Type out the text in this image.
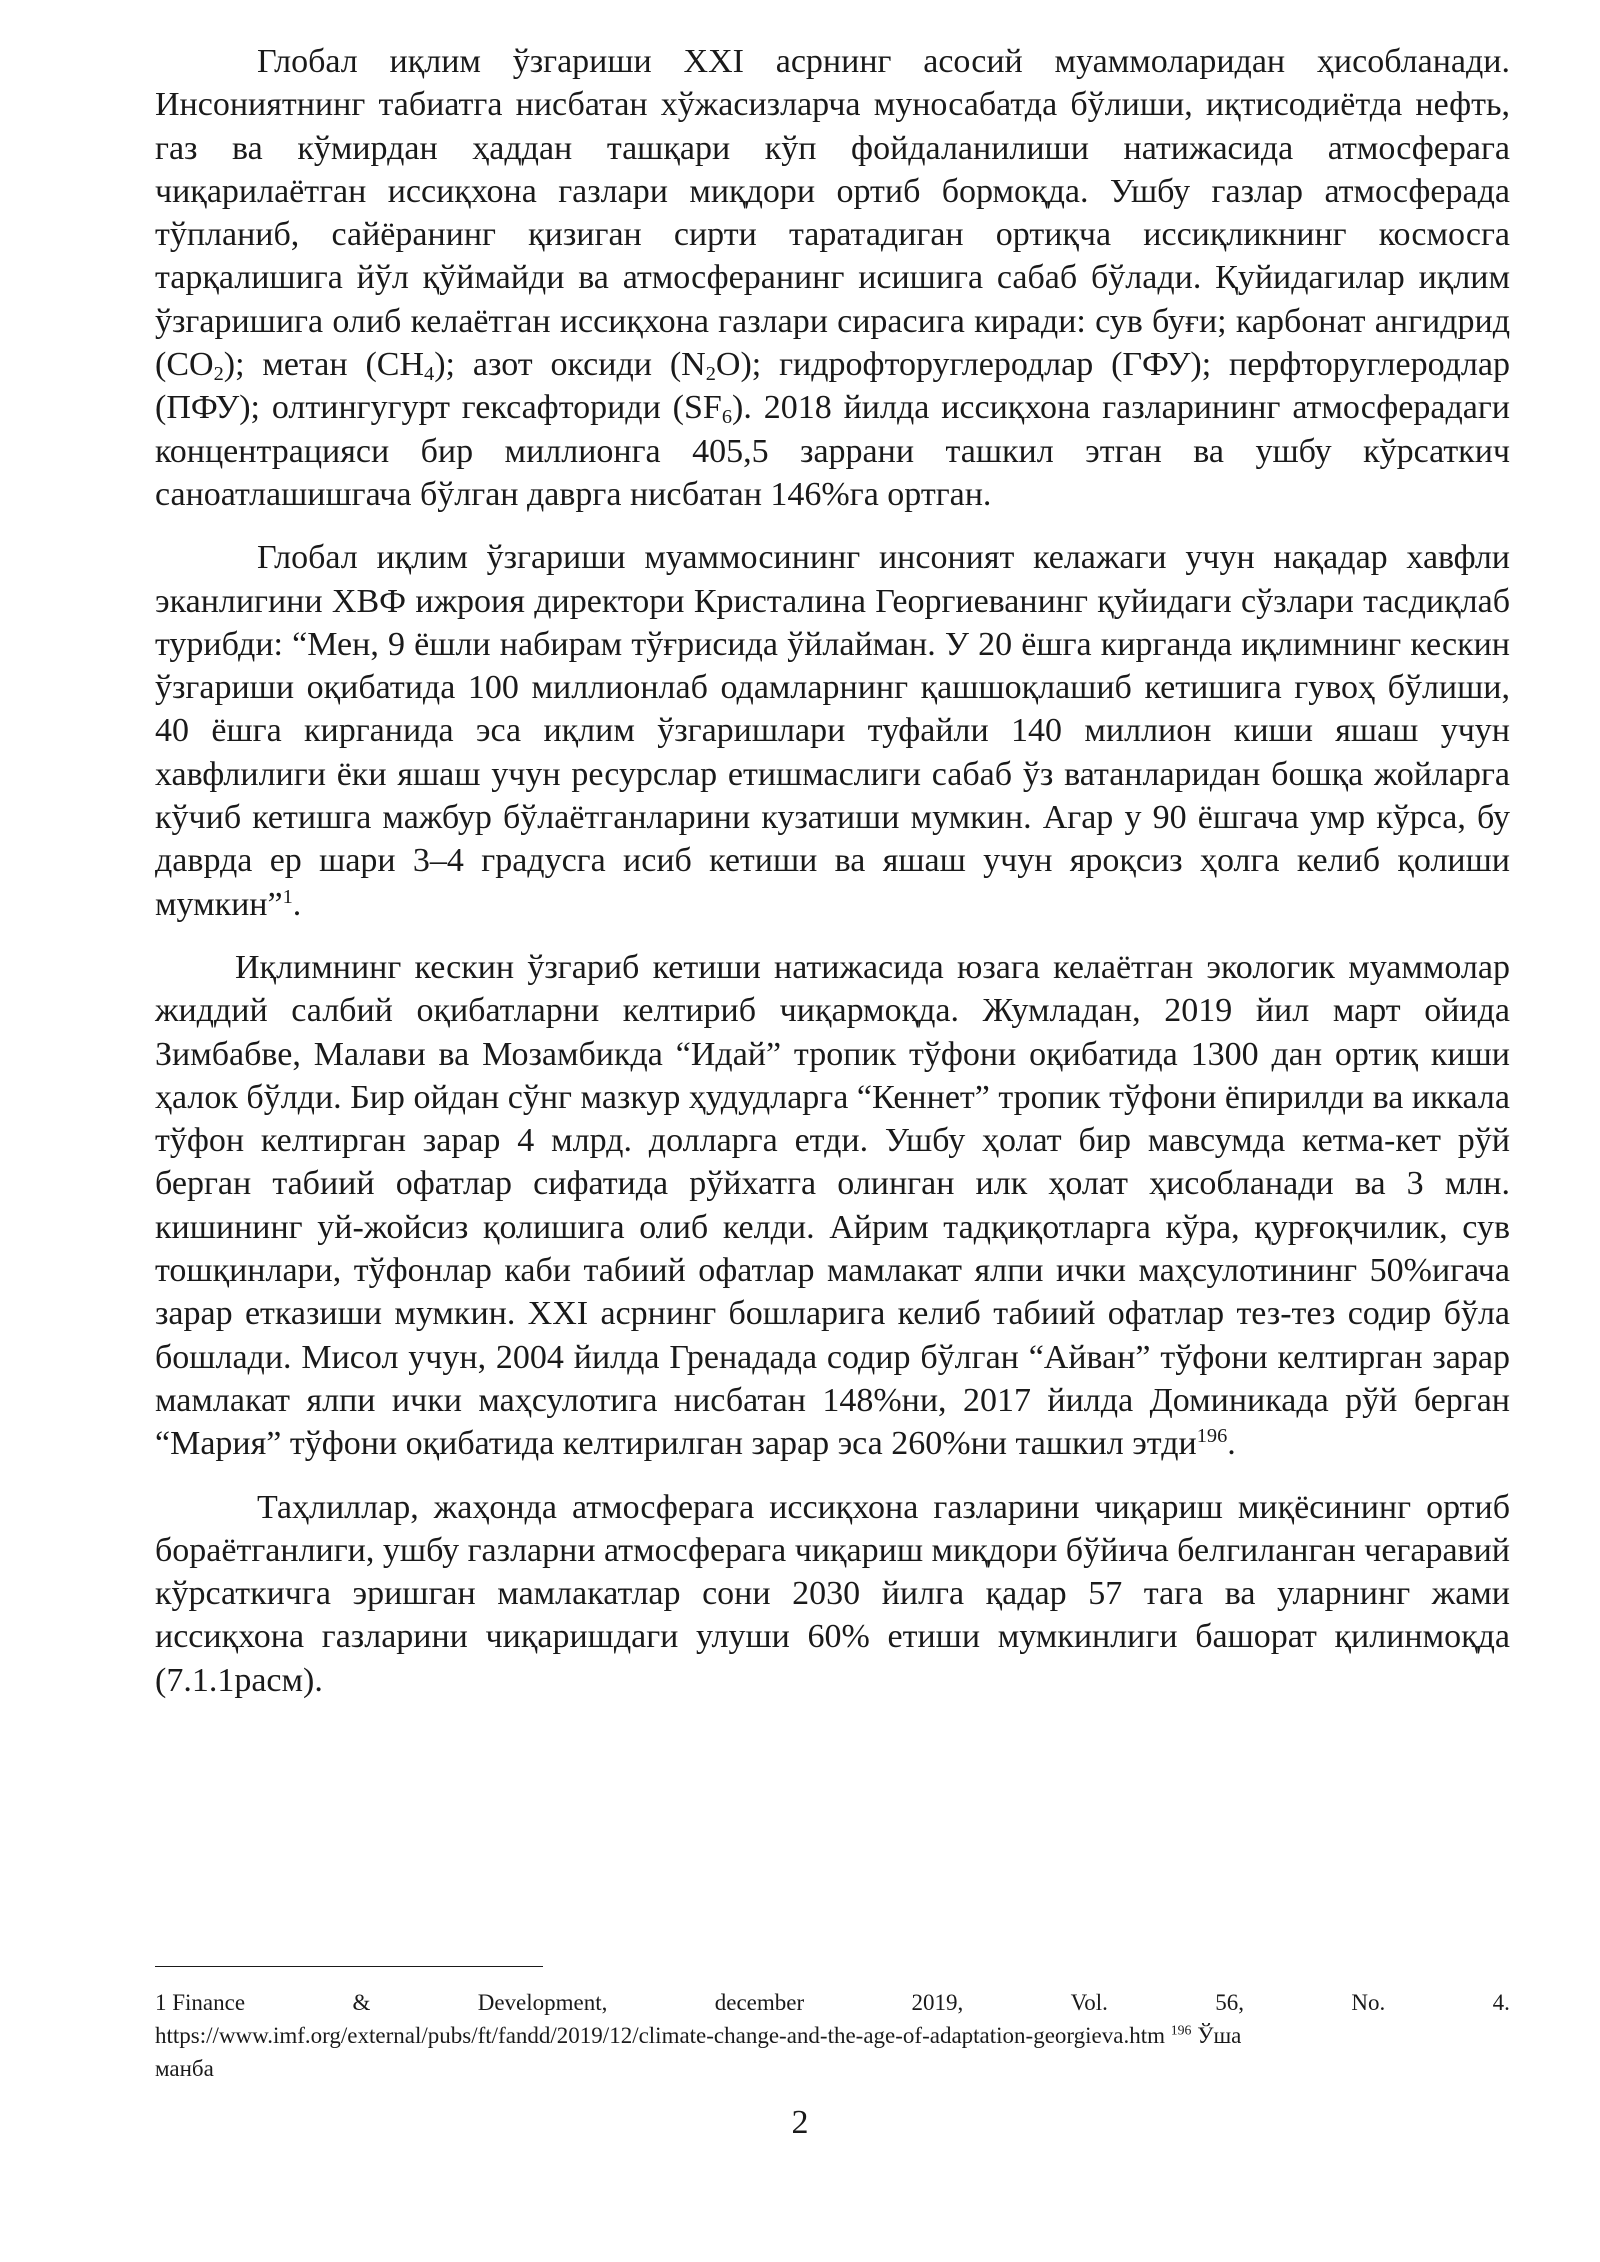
Глобал иқлим ўзгариши XXI асрнинг асосий муаммоларидан ҳисобланади. Инсониятнинг табиатга нисбатан хўжасизларча муносабатда бўлиши, иқтисодиётда нефть, газ ва кўмирдан ҳаддан ташқари кўп фойдаланилиши натижасида атмосферага чиқарилаётган иссиқхона газлари миқдори ортиб бормоқда. Ушбу газлар атмосферада тўпланиб, сайёранинг қизиган сирти таратадиган ортиқча иссиқликнинг космосга тарқалишига йўл қўймайди ва атмосферанинг исишига сабаб бўлади. Қуйидагилар иқлим ўзгаришига олиб келаётган иссиқхона газлари сирасига киради: сув буғи; карбонат ангидрид $(CO_2)$; метан $(CH_4)$; азот оксиди $(N_2O)$; гидрофторуглеродлар (ГФУ); перфторуглеродлар (ПФУ); олтингугурт гексафториди $(SF_6)$. 2018 йилда иссиқхона газларининг атмосферадаги концентрацияси бир миллионга 405,5 заррани ташкил этган ва ушбу кўрсаткич саноатлашишгача бўлган даврга нисбатан 146%га ортган.

Глобал иқлим ўзгариши муаммосининг инсоният келажаги учун нақадар хавфли эканлигини ХВФ ижроия директори Кристалина Георгиеванинг қуйидаги сўзлари тасдиқлаб турибди: “Мен, 9 ёшли набирам тўғрисида ўйлайман. У 20 ёшга кирганда иқлимнинг кескин ўзгариши оқибатида 100 миллионлаб одамларнинг қашшоқлашиб кетишига гувоҳ бўлиши, 40 ёшга кирганида эса иқлим ўзгаришлари туфайли 140 миллион киши яшаш учун хавфлилиги ёки яшаш учун ресурслар етишмаслиги сабаб ўз ватанларидан бошқа жойларга кўчиб кетишга мажбур бўлаётганларини кузатиши мумкин. Агар у 90 ёшгача умр кўрса, бу даврда ер шари 3–4 градусга исиб кетиши ва яшаш учун яроқсиз ҳолга келиб қолиши мумкин”$^1$.

Иқлимнинг кескин ўзгариб кетиши натижасида юзага келаётган экологик муаммолар жиддий салбий оқибатларни келтириб чиқармоқда. Жумладан, 2019 йил март ойида Зимбабве, Малави ва Мозамбикда “Идай” тропик тўфони оқибатида 1300 дан ортиқ киши ҳалок бўлди. Бир ойдан сўнг мазкур ҳудудларга “Кеннет” тропик тўфони ёпирилди ва иккала тўфон келтирган зарар 4 млрд. долларга етди. Ушбу ҳолат бир мавсумда кетма-кет рўй берган табиий офатлар сифатида рўйхатга олинган илк ҳолат ҳисобланади ва 3 млн. кишининг уй-жойсиз қолишига олиб келди. Айрим тадқиқотларга кўра, қурғоқчилик, сув тошқинлари, тўфонлар каби табиий офатлар мамлакат ялпи ички маҳсулотининг 50%игача зарар етказиши мумкин. XXI асрнинг бошларига келиб табиий офатлар тез-тез содир бўла бошлади. Мисол учун, 2004 йилда Гренадада содир бўлган “Айван” тўфони келтирган зарар мамлакат ялпи ички маҳсулотига нисбатан 148%ни, 2017 йилда Доминикада рўй берган “Мария” тўфони оқибатида келтирилган зарар эса 260%ни ташкил этди$^{196}$.

Таҳлиллар, жаҳонда атмосферага иссиқхона газларини чиқариш миқёсининг ортиб бораётганлиги, ушбу газларни атмосферага чиқариш миқдори бўйича белгиланган чегаравий кўрсаткичга эришган мамлакатлар сони 2030 йилга қадар 57 тага ва уларнинг жами иссиқхона газларини чиқаришдаги улуши 60% етиши мумкинлиги башорат қилинмоқда (7.1.1расм).

1 Finance	&	Development,	december	2019,	Vol.	56,	No.	4.

https://www.imf.org/external/pubs/ft/fandd/2019/12/climate-change-and-the-age-of-adaptation-georgieva.htm $^{196}$ Ўша

манба

2
